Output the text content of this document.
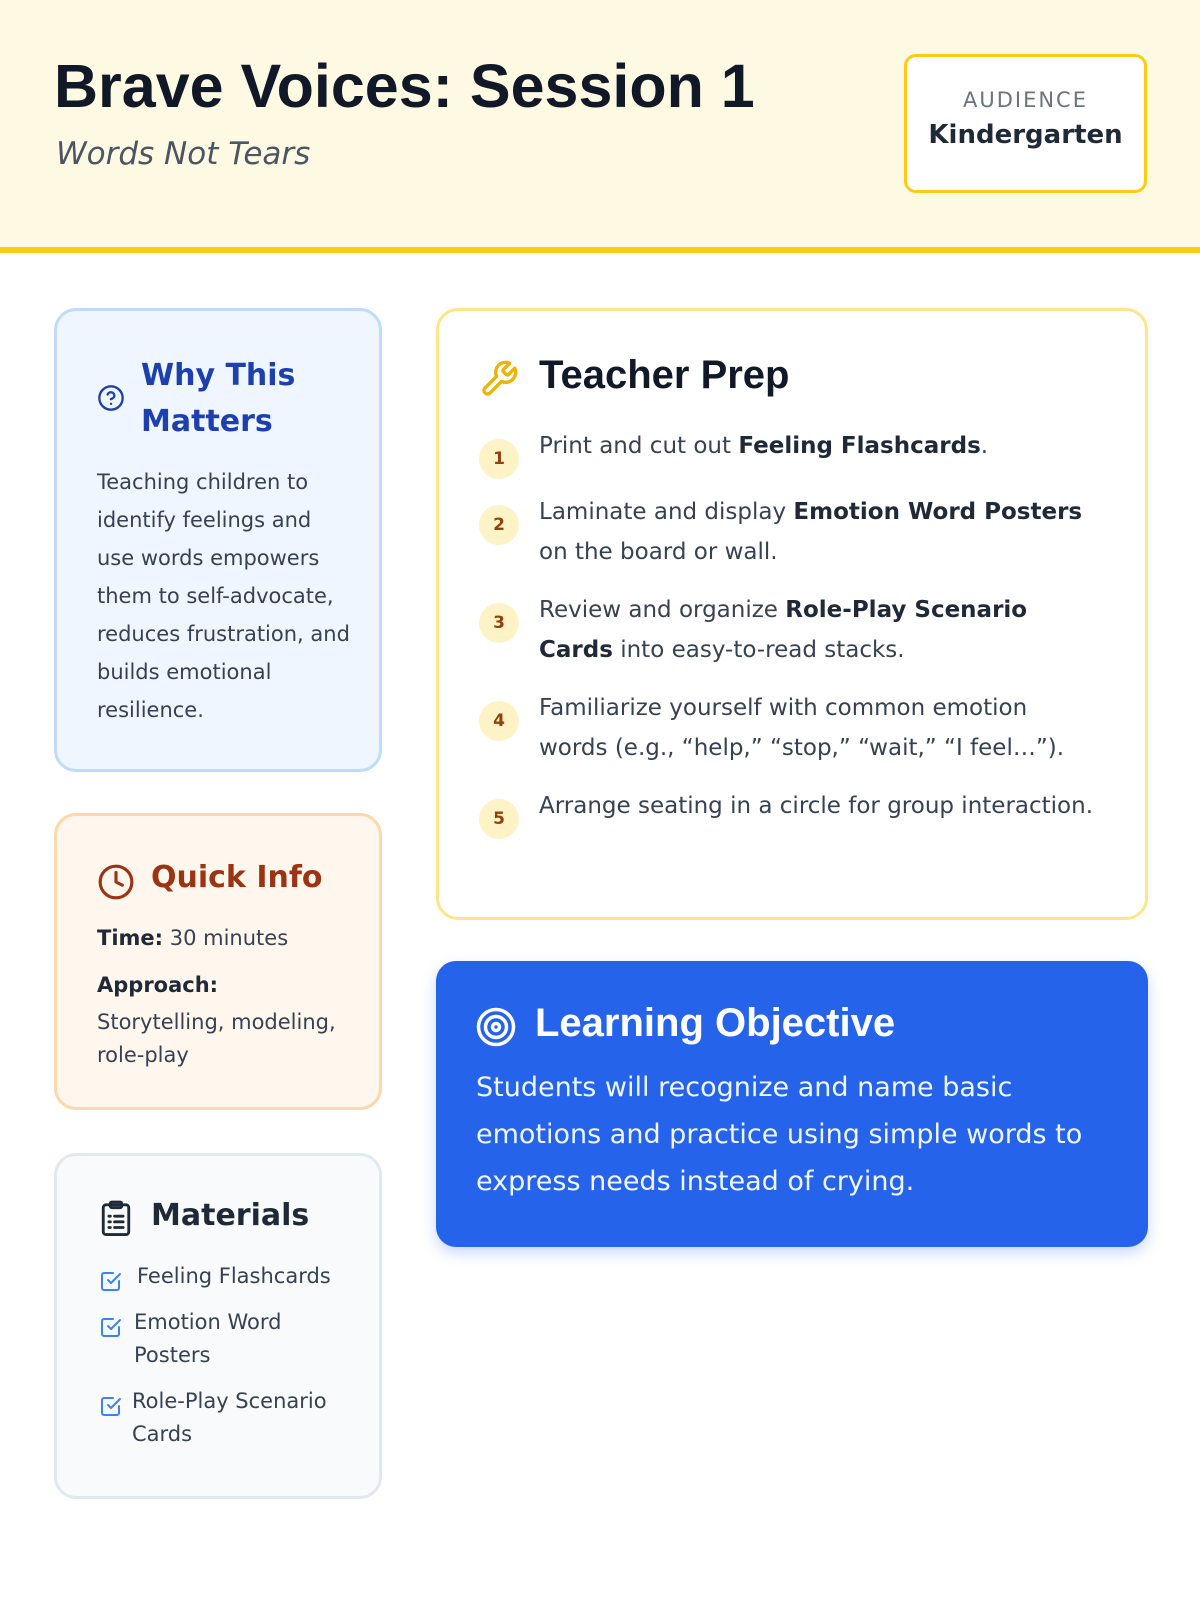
Brave Voices: Session 1
Words Not Tears
AUDIENCE
Kindergarten
Why This Matters

Teaching children to identify feelings and use words empowers them to self-advocate, reduces frustration, and builds emotional resilience.

Quick Info
Time: 30 minutes
Approach:
Storytelling, modeling, role-play
Materials
Feeling Flashcards
Emotion Word Posters
Role-Play Scenario Cards
Teacher Prep
1	Print and cut out Feeling Flashcards.

2	Laminate and display Emotion Word Posters on the board or wall.

3	Review and organize Role-Play Scenario Cards into easy-to-read stacks.

4	Familiarize yourself with common emotion words (e.g., “help,” “stop,” “wait,” “I feel…”).

5	Arrange seating in a circle for group interaction.

Learning Objective

Students will recognize and name basic emotions and practice using simple words to express needs instead of crying.
